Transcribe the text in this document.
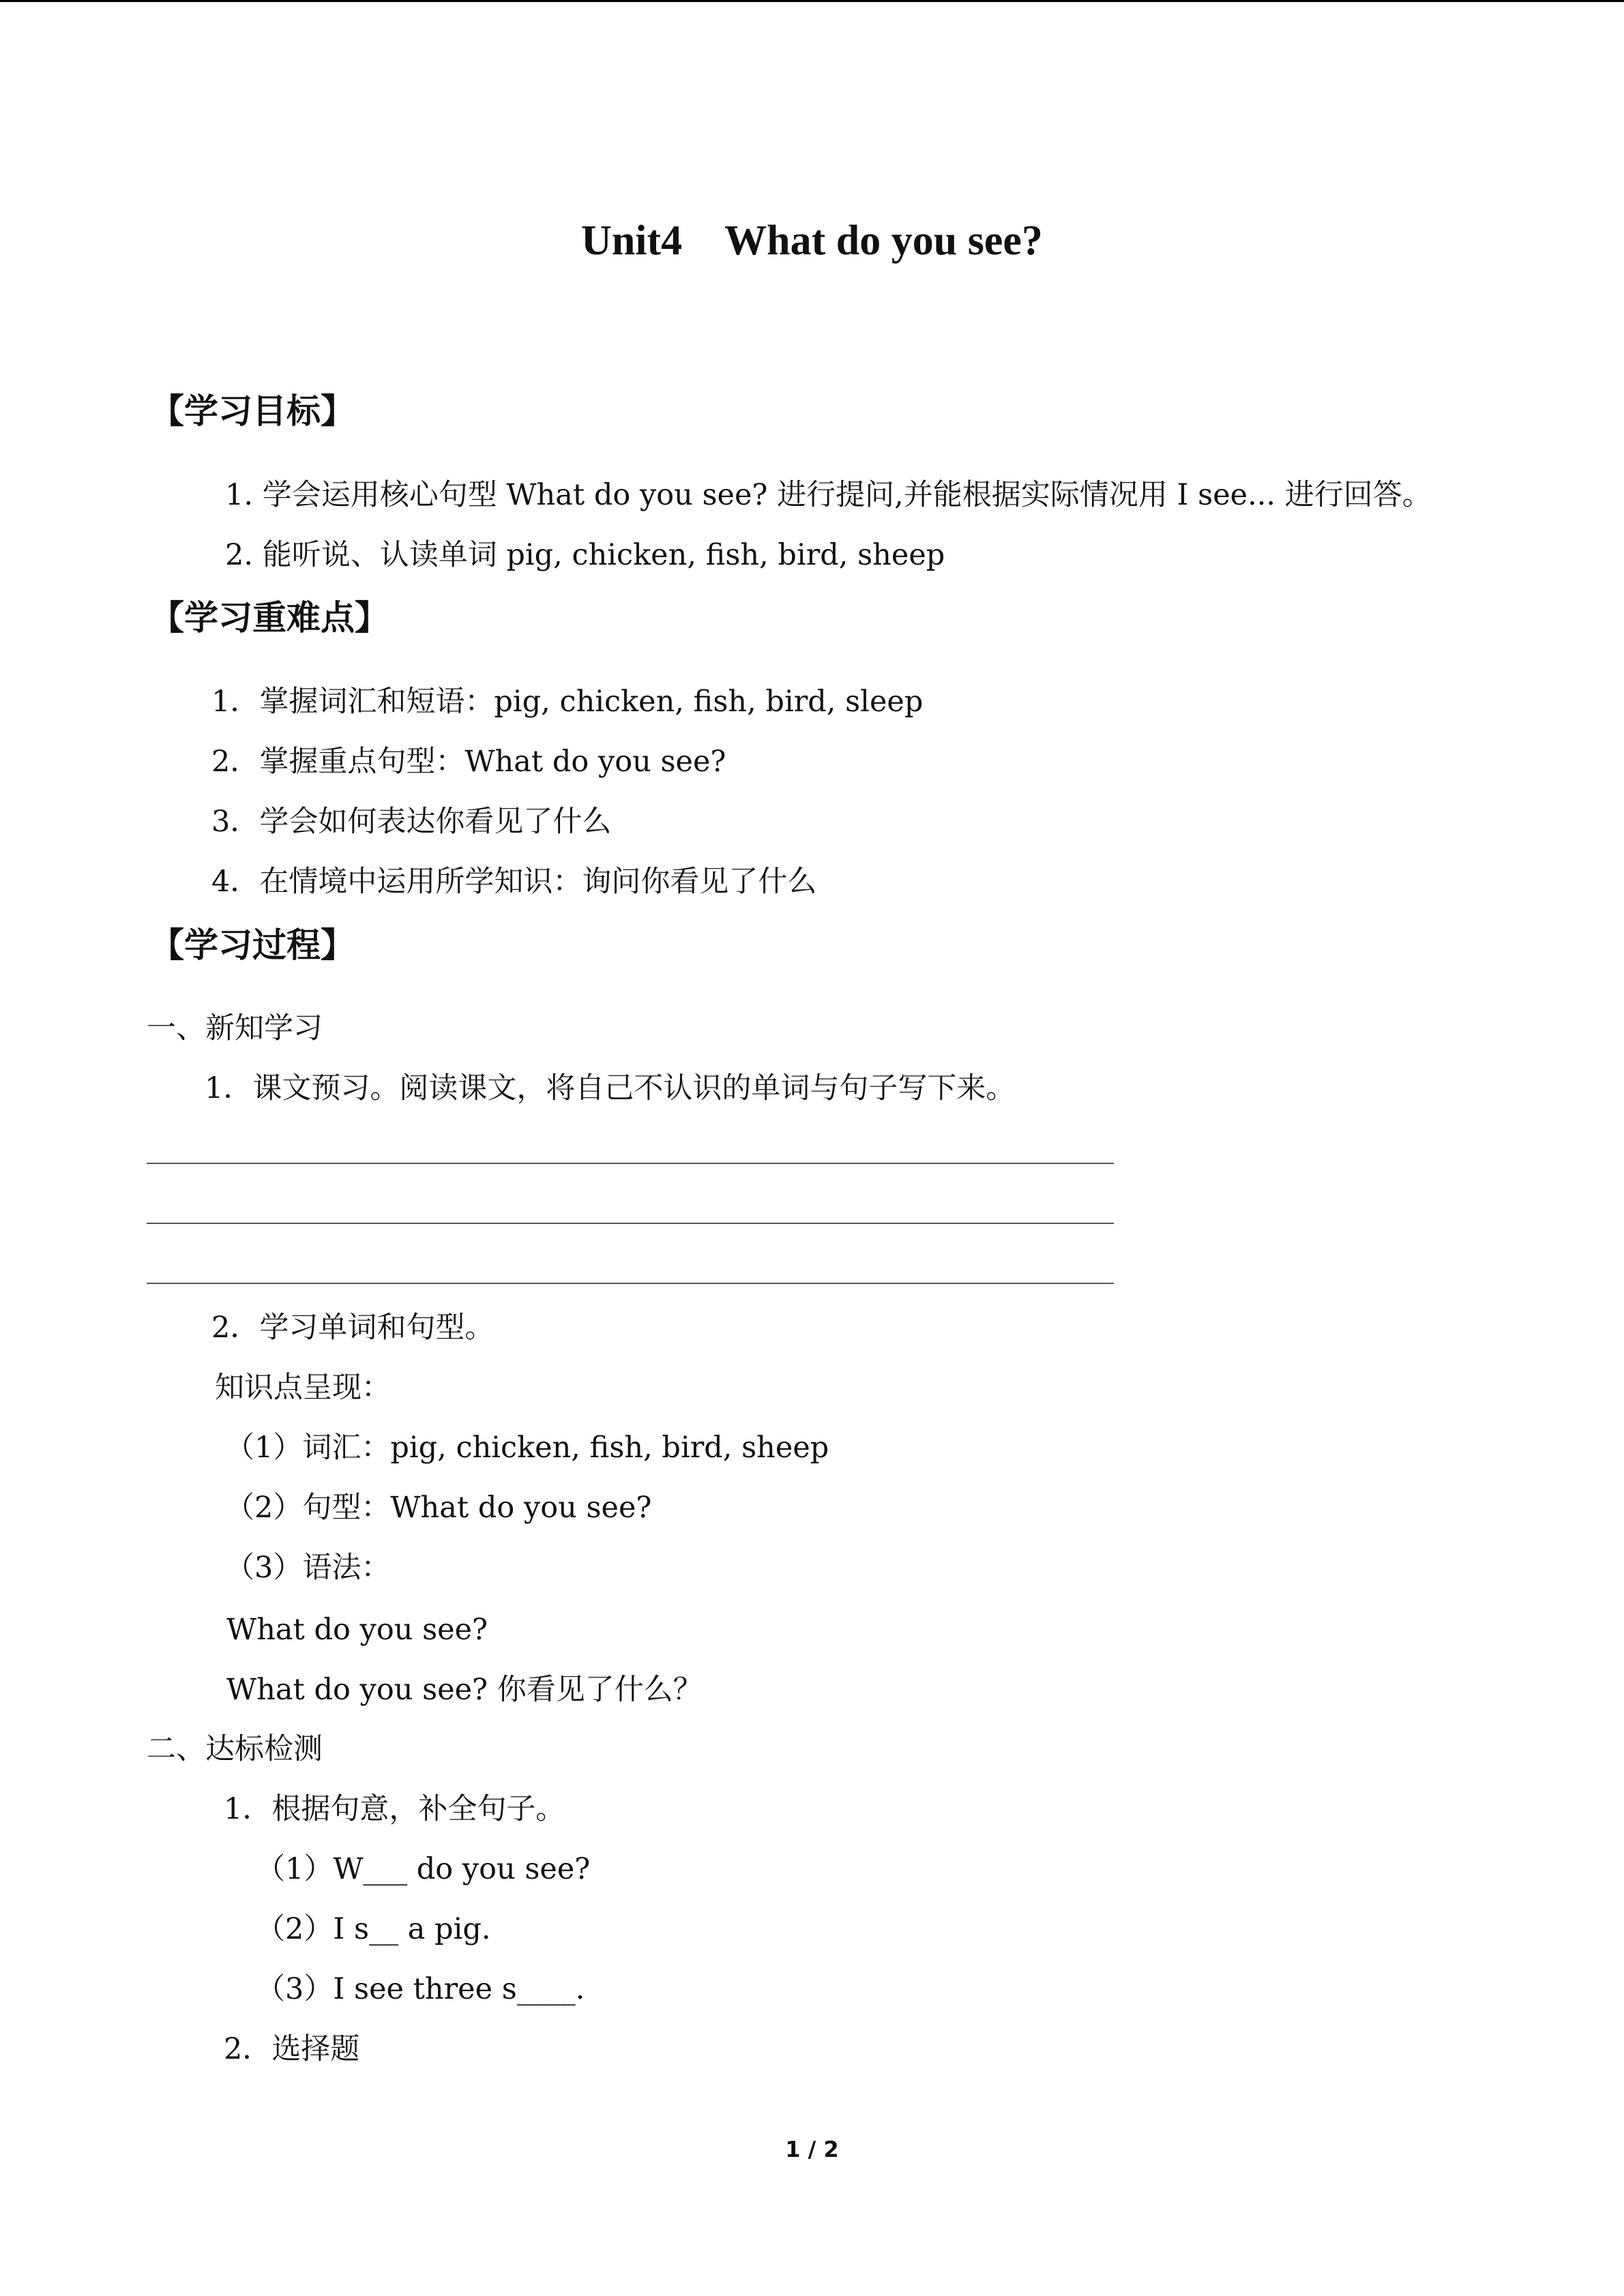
Unit4　What do you see?
【学习目标】
1. 学会运用核心句型 What do you see? 进行提问,并能根据实际情况用 I see... 进行回答。
2. 能听说、认读单词 pig, chicken, fish, bird, sheep
【学习重难点】
1．掌握词汇和短语：pig, chicken, fish, bird, sleep
2．掌握重点句型：What do you see?
3．学会如何表达你看见了什么
4．在情境中运用所学知识：询问你看见了什么
【学习过程】
一、新知学习
1．课文预习。阅读课文，将自己不认识的单词与句子写下来。
2．学习单词和句型。
知识点呈现：
（1）词汇：pig, chicken, fish, bird, sheep
（2）句型：What do you see?
（3）语法：
What do you see?
What do you see? 你看见了什么？
二、达标检测
1．根据句意，补全句子。
（1）W___ do you see?
（2）I s__ a pig.
（3）I see three s____.
2．选择题
1 / 2
